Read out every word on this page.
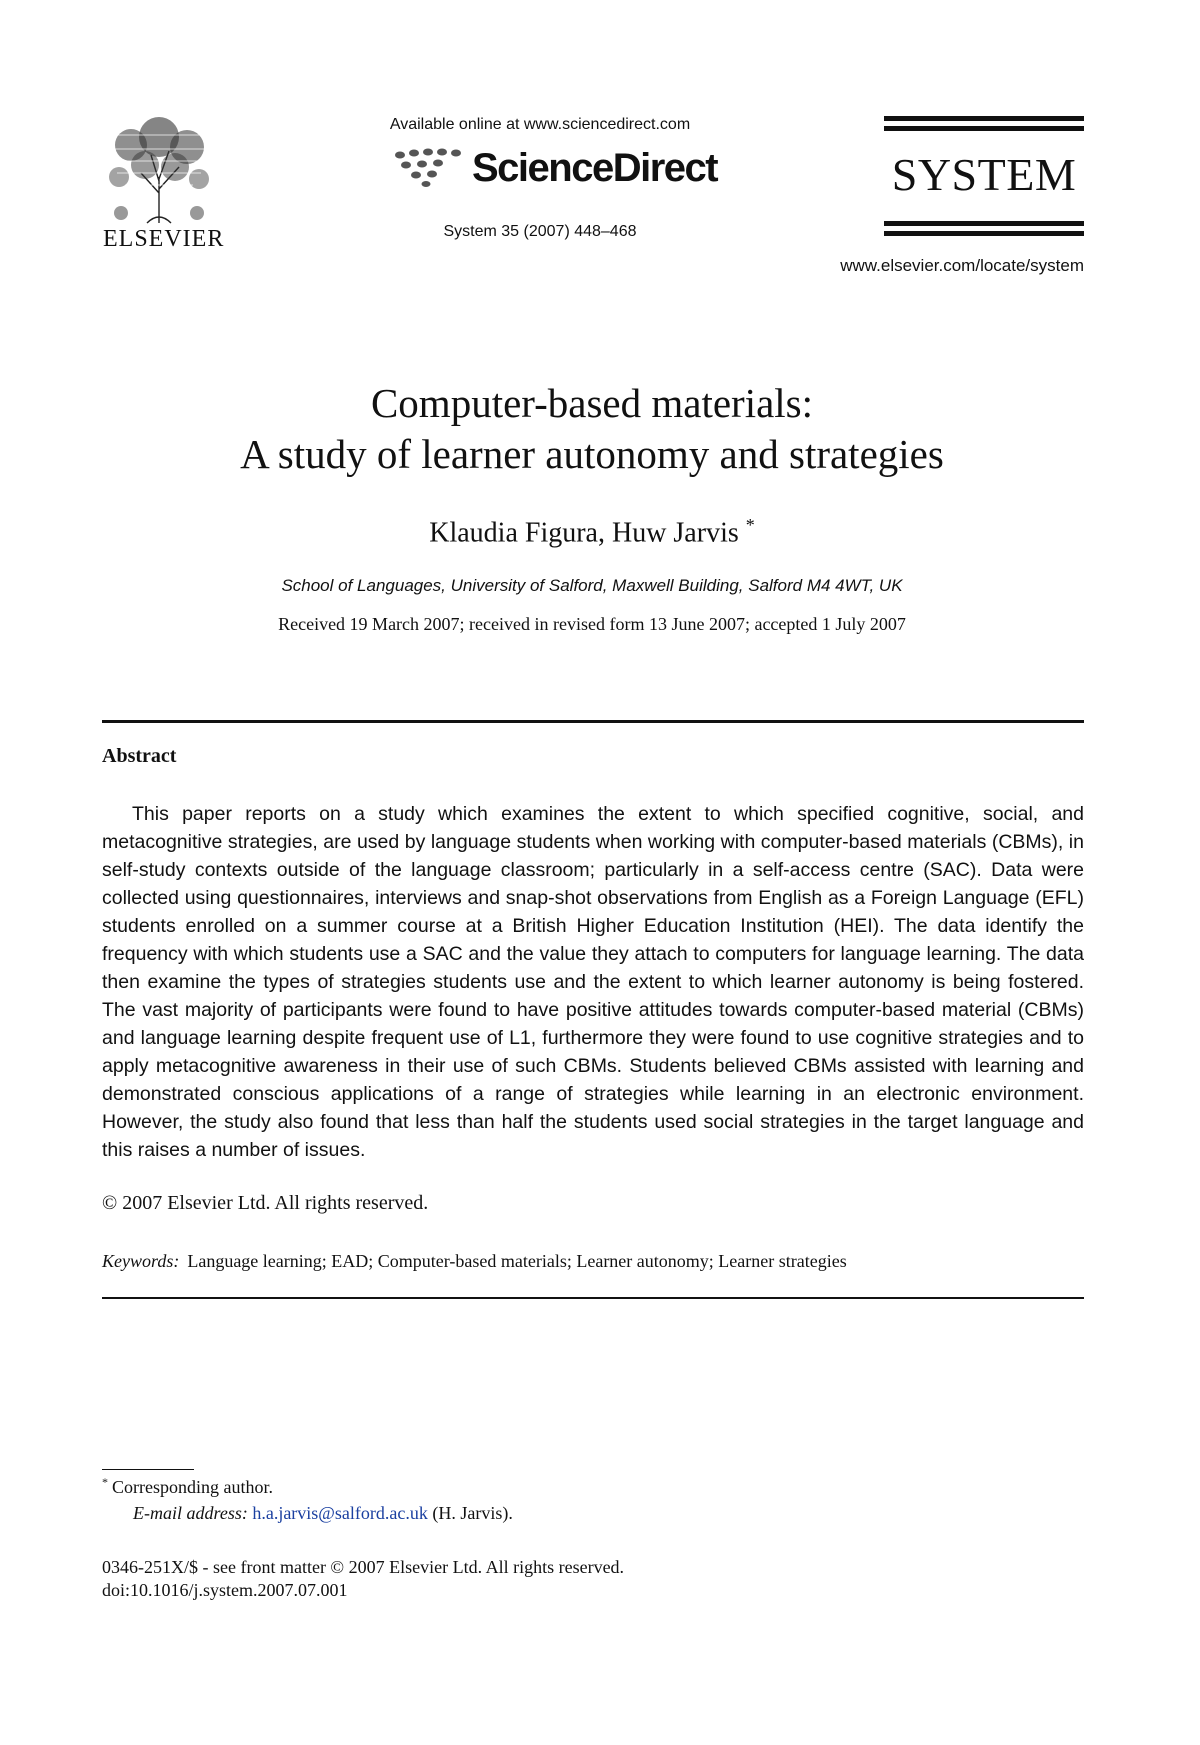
ELSEVIER
Available online at www.sciencedirect.com
ScienceDirect
System 35 (2007) 448–468
SYSTEM
www.elsevier.com/locate/system
Computer-based materials:
A study of learner autonomy and strategies
Klaudia Figura, Huw Jarvis *
School of Languages, University of Salford, Maxwell Building, Salford M4 4WT, UK
Received 19 March 2007; received in revised form 13 June 2007; accepted 1 July 2007
Abstract

This paper reports on a study which examines the extent to which specified cognitive, social, and metacognitive strategies, are used by language students when working with computer-based materials (CBMs), in self-study contexts outside of the language classroom; particularly in a self-access centre (SAC). Data were collected using questionnaires, interviews and snap-shot observations from English as a Foreign Language (EFL) students enrolled on a summer course at a British Higher Education Institution (HEI). The data identify the frequency with which students use a SAC and the value they attach to computers for language learning. The data then examine the types of strategies students use and the extent to which learner autonomy is being fostered. The vast majority of participants were found to have positive attitudes towards computer-based material (CBMs) and language learning despite frequent use of L1, furthermore they were found to use cognitive strategies and to apply metacognitive awareness in their use of such CBMs. Students believed CBMs assisted with learning and demonstrated conscious applications of a range of strategies while learning in an electronic environment. However, the study also found that less than half the students used social strategies in the target language and this raises a number of issues.

© 2007 Elsevier Ltd. All rights reserved.
Keywords: Language learning; EAD; Computer-based materials; Learner autonomy; Learner strategies
* Corresponding author.
E-mail address: h.a.jarvis@salford.ac.uk (H. Jarvis).
0346-251X/$ - see front matter © 2007 Elsevier Ltd. All rights reserved.
doi:10.1016/j.system.2007.07.001
